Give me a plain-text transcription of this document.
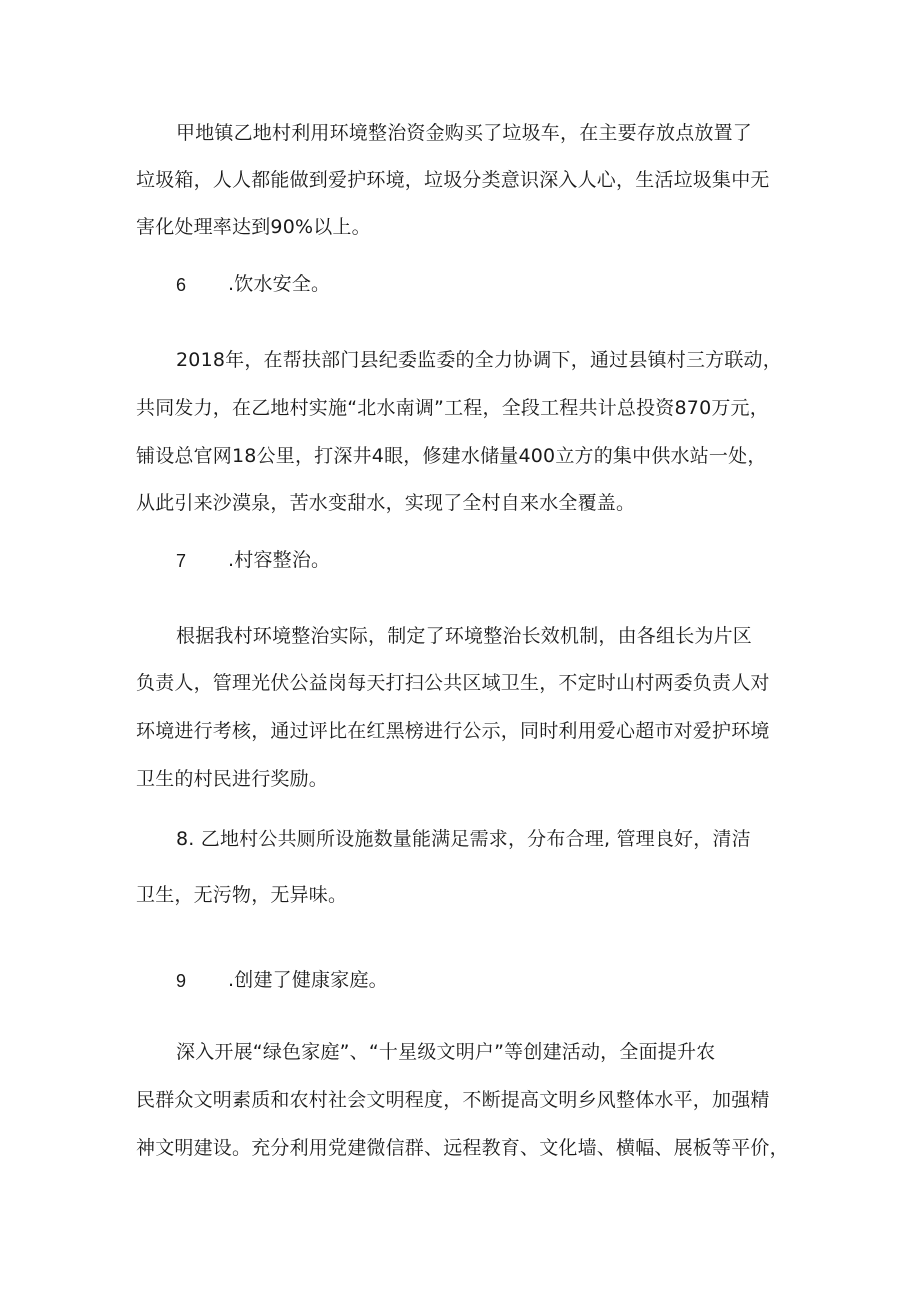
甲地镇乙地村利用环境整治资金购买了垃圾车，在主要存放点放置了
垃圾箱，人人都能做到爱护环境，垃圾分类意识深入人心，生活垃圾集中无
害化处理率达到90%以上。
6 .饮水安全。
2018年，在帮扶部门县纪委监委的全力协调下，通过县镇村三方联动，
共同发力，在乙地村实施“北水南调”工程，全段工程共计总投资870万元，
铺设总官网18公里，打深井4眼，修建水储量400立方的集中供水站一处，
从此引来沙漠泉，苦水变甜水，实现了全村自来水全覆盖。
7 .村容整治。
根据我村环境整治实际，制定了环境整治长效机制，由各组长为片区
负责人，管理光伏公益岗每天打扫公共区域卫生，不定时山村两委负责人对
环境进行考核，通过评比在红黑榜进行公示，同时利用爱心超市对爱护环境
卫生的村民进行奖励。
8. 乙地村公共厕所设施数量能满足需求，分布合理, 管理良好，清洁
卫生，无污物，无异味。
9 .创建了健康家庭。
深入开展“绿色家庭”、“十星级文明户”等创建活动，全面提升农
民群众文明素质和农村社会文明程度，不断提高文明乡风整体水平，加强精
神文明建设。充分利用党建微信群、远程教育、文化墙、横幅、展板等平价，
